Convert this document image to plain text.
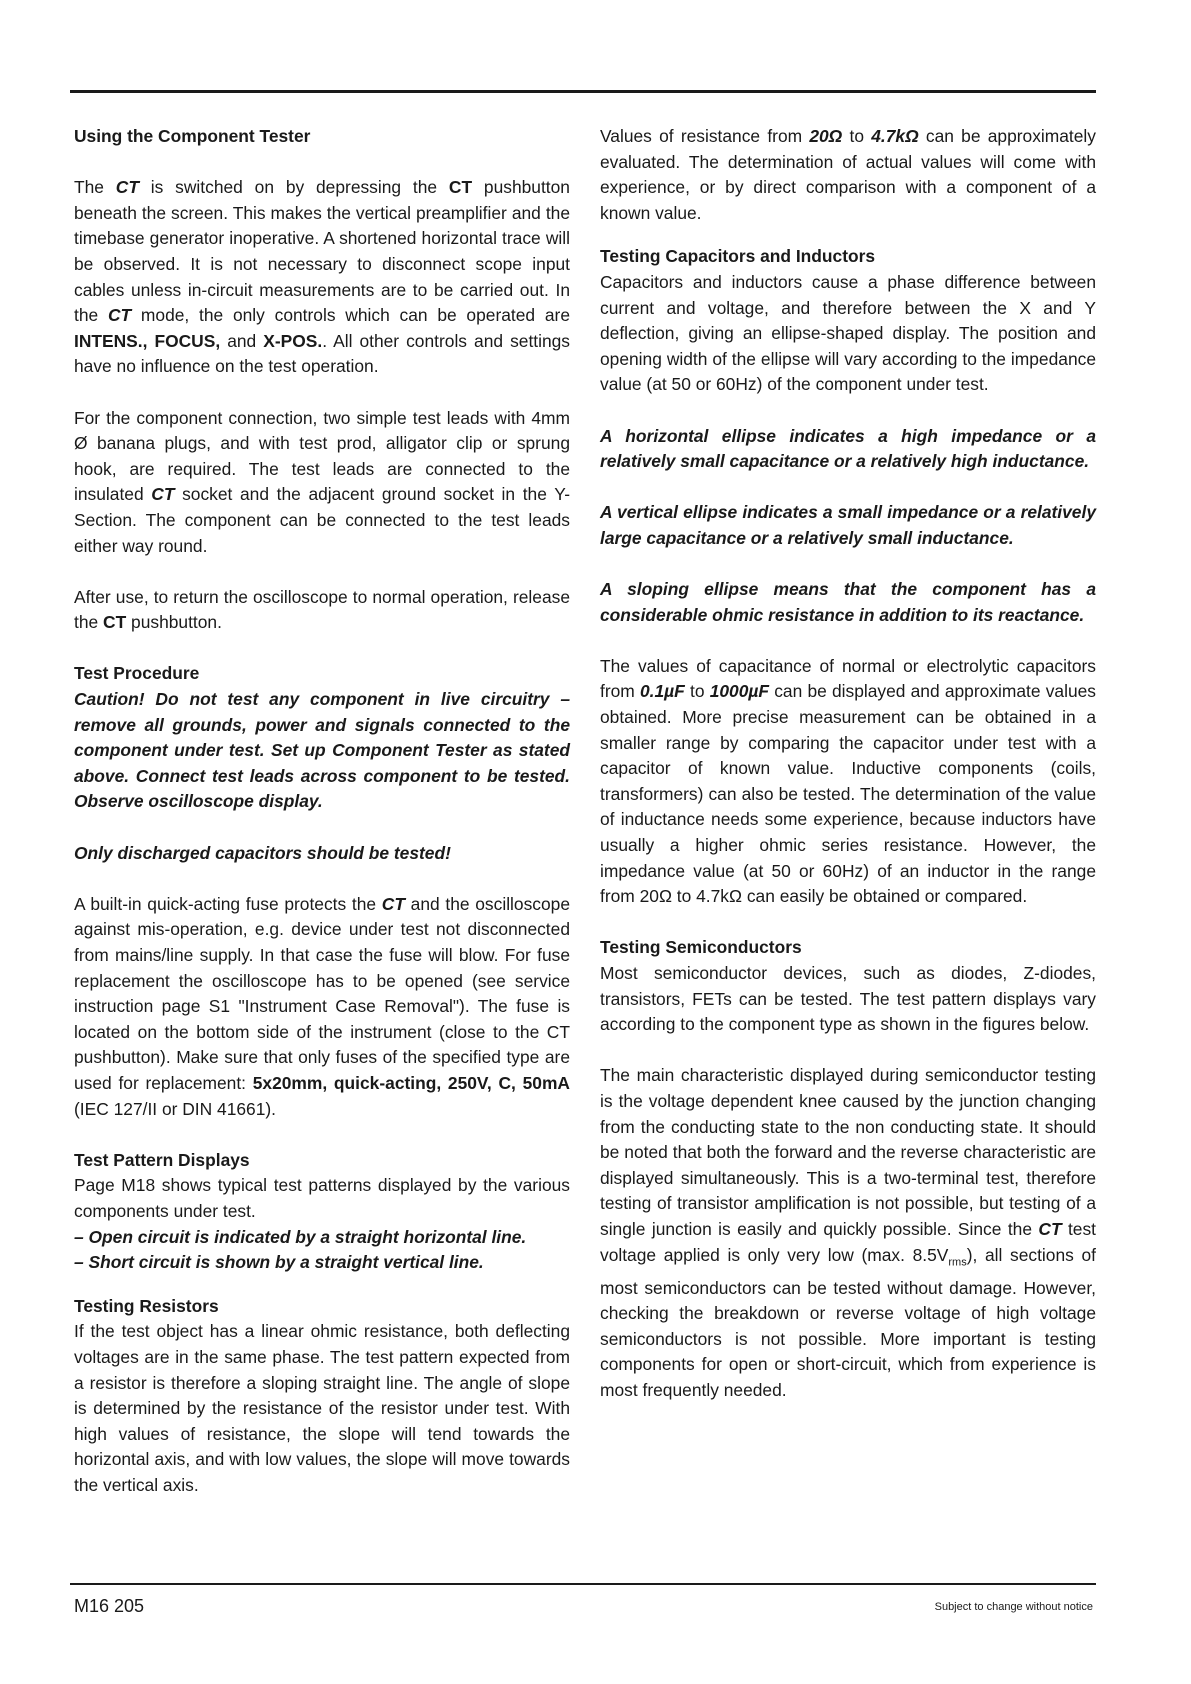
Using the Component Tester

The CT is switched on by depressing the CT pushbutton beneath the screen. This makes the vertical preamplifier and the timebase generator inoperative. A shortened horizontal trace will be observed. It is not necessary to disconnect scope input cables unless in-circuit measurements are to be carried out. In the CT mode, the only controls which can be operated are INTENS., FOCUS, and X-POS.. All other controls and settings have no influence on the test operation.

For the component connection, two simple test leads with 4mm Ø banana plugs, and with test prod, alligator clip or sprung hook, are required. The test leads are connected to the insulated CT socket and the adjacent ground socket in the Y-Section. The component can be connected to the test leads either way round.

After use, to return the oscilloscope to normal operation, release the CT pushbutton.

Test Procedure

Caution! Do not test any component in live circuitry – remove all grounds, power and signals connected to the component under test. Set up Component Tester as stated above. Connect test leads across component to be tested. Observe oscilloscope display.

Only discharged capacitors should be tested!

A built-in quick-acting fuse protects the CT and the oscilloscope against mis-operation, e.g. device under test not disconnected from mains/line supply. In that case the fuse will blow. For fuse replacement the oscilloscope has to be opened (see service instruction page S1 "Instrument Case Removal"). The fuse is located on the bottom side of the instrument (close to the CT pushbutton). Make sure that only fuses of the specified type are used for replacement: 5x20mm, quick-acting, 250V, C, 50mA (IEC 127/II or DIN 41661).

Test Pattern Displays

Page M18 shows typical test patterns displayed by the various components under test.

– Open circuit is indicated by a straight horizontal line.
– Short circuit is shown by a straight vertical line.
Testing Resistors

If the test object has a linear ohmic resistance, both deflecting voltages are in the same phase. The test pattern expected from a resistor is therefore a sloping straight line. The angle of slope is determined by the resistance of the resistor under test. With high values of resistance, the slope will tend towards the horizontal axis, and with low values, the slope will move towards the vertical axis.

Values of resistance from 20Ω to 4.7kΩ can be approximately evaluated. The determination of actual values will come with experience, or by direct comparison with a component of a known value.

Testing Capacitors and Inductors

Capacitors and inductors cause a phase difference between current and voltage, and therefore between the X and Y deflection, giving an ellipse-shaped display. The position and opening width of the ellipse will vary according to the impedance value (at 50 or 60Hz) of the component under test.

A horizontal ellipse indicates a high impedance or a relatively small capacitance or a relatively high inductance.

A vertical ellipse indicates a small impedance or a relatively large capacitance or a relatively small inductance.

A sloping ellipse means that the component has a considerable ohmic resistance in addition to its reactance.

The values of capacitance of normal or electrolytic capacitors from 0.1µF to 1000µF can be displayed and approximate values obtained. More precise measurement can be obtained in a smaller range by comparing the capacitor under test with a capacitor of known value. Inductive components (coils, transformers) can also be tested. The determination of the value of inductance needs some experience, because inductors have usually a higher ohmic series resistance. However, the impedance value (at 50 or 60Hz) of an inductor in the range from 20Ω to 4.7kΩ can easily be obtained or compared.

Testing Semiconductors

Most semiconductor devices, such as diodes, Z-diodes, transistors, FETs can be tested. The test pattern displays vary according to the component type as shown in the figures below.

The main characteristic displayed during semiconductor testing is the voltage dependent knee caused by the junction changing from the conducting state to the non conducting state. It should be noted that both the forward and the reverse characteristic are displayed simultaneously. This is a two-terminal test, therefore testing of transistor amplification is not possible, but testing of a single junction is easily and quickly possible. Since the CT test voltage applied is only very low (max. $8.5V_{rms}$), all sections of most semiconductors can be tested without damage. However, checking the breakdown or reverse voltage of high voltage semiconductors is not possible. More important is testing components for open or short-circuit, which from experience is most frequently needed.

M16 205	Subject to change without notice
